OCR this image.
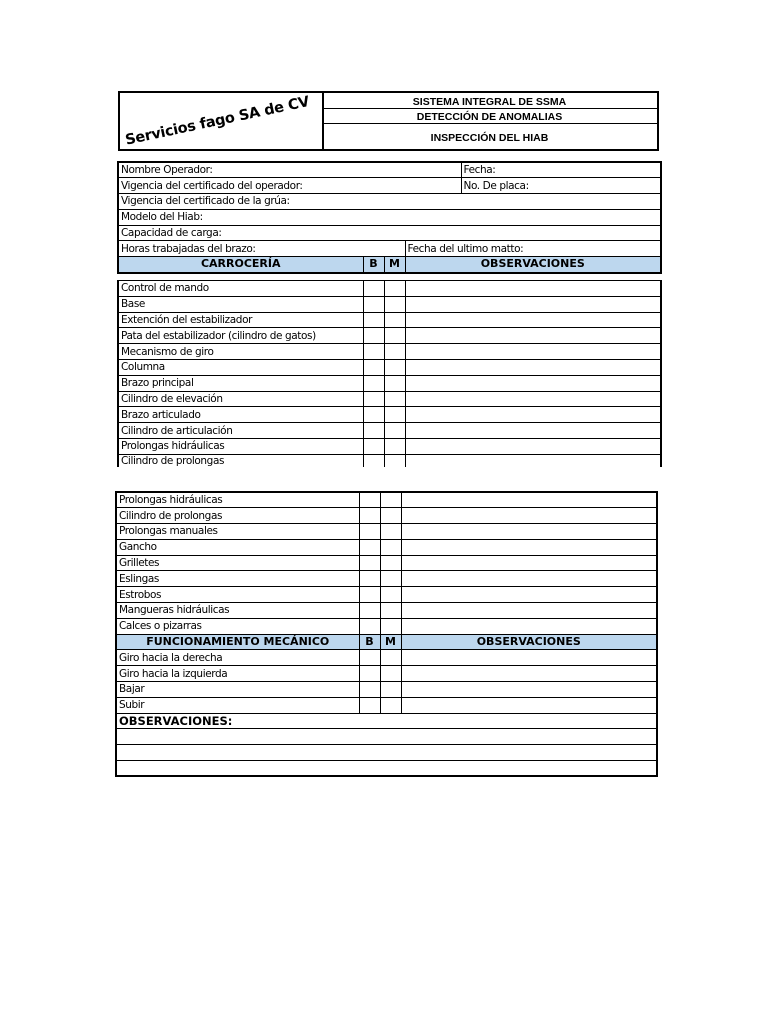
Servicios fago SA de CV	SISTEMA INTEGRAL DE SSMA
DETECCIÓN DE ANOMALIAS
INSPECCIÓN DEL HIAB
Nombre Operador:				Fecha:
Vigencia del certificado del operador:				No. De placa:
Vigencia del certificado de la grúa:				
Modelo del Hiab:				
Capacidad de carga:				
Horas trabajadas del brazo:			Fecha del ultimo matto:	
CARROCERÍA	B	M	OBSERVACIONES	
Control de mando			
Base			
Extención del estabilizador			
Pata del estabilizador (cilindro de gatos)			
Mecanismo de giro			
Columna			
Brazo principal			
Cilindro de elevación			
Brazo articulado			
Cilindro de articulación			
Prolongas hidráulicas			
Cilindro de prolongas			
Prolongas hidráulicas			
Cilindro de prolongas			
Prolongas manuales			
Gancho			
Grilletes			
Eslingas			
Estrobos			
Mangueras hidráulicas			
Calces o pizarras			
FUNCIONAMIENTO MECÁNICO	B	M	OBSERVACIONES
Giro hacia la derecha			
Giro hacia la izquierda			
Bajar			
Subir			
OBSERVACIONES:			
